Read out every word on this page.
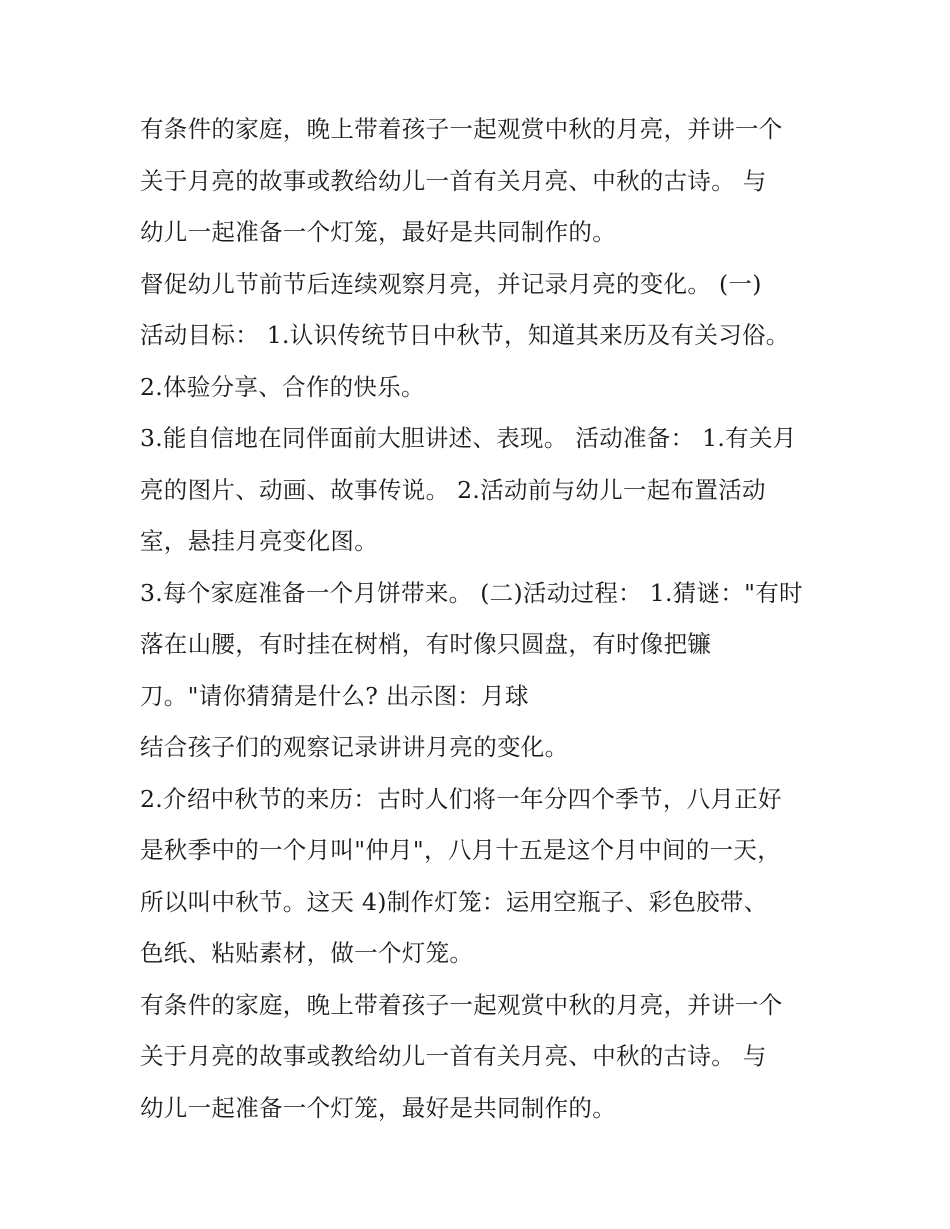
有条件的家庭，晚上带着孩子一起观赏中秋的月亮，并讲一个
关于月亮的故事或教给幼儿一首有关月亮、中秋的古诗。 与
幼儿一起准备一个灯笼，最好是共同制作的。
督促幼儿节前节后连续观察月亮，并记录月亮的变化。 (一)
活动目标： 1.认识传统节日中秋节，知道其来历及有关习俗。
2.体验分享、合作的快乐。
3.能自信地在同伴面前大胆讲述、表现。 活动准备： 1.有关月
亮的图片、动画、故事传说。 2.活动前与幼儿一起布置活动
室，悬挂月亮变化图。
3.每个家庭准备一个月饼带来。 (二)活动过程： 1.猜谜："有时
落在山腰，有时挂在树梢，有时像只圆盘，有时像把镰
刀。"请你猜猜是什么? 出示图：月球
结合孩子们的观察记录讲讲月亮的变化。
2.介绍中秋节的来历：古时人们将一年分四个季节，八月正好
是秋季中的一个月叫"仲月"，八月十五是这个月中间的一天，
所以叫中秋节。这天 4)制作灯笼：运用空瓶子、彩色胶带、
色纸、粘贴素材，做一个灯笼。
有条件的家庭，晚上带着孩子一起观赏中秋的月亮，并讲一个
关于月亮的故事或教给幼儿一首有关月亮、中秋的古诗。 与
幼儿一起准备一个灯笼，最好是共同制作的。
